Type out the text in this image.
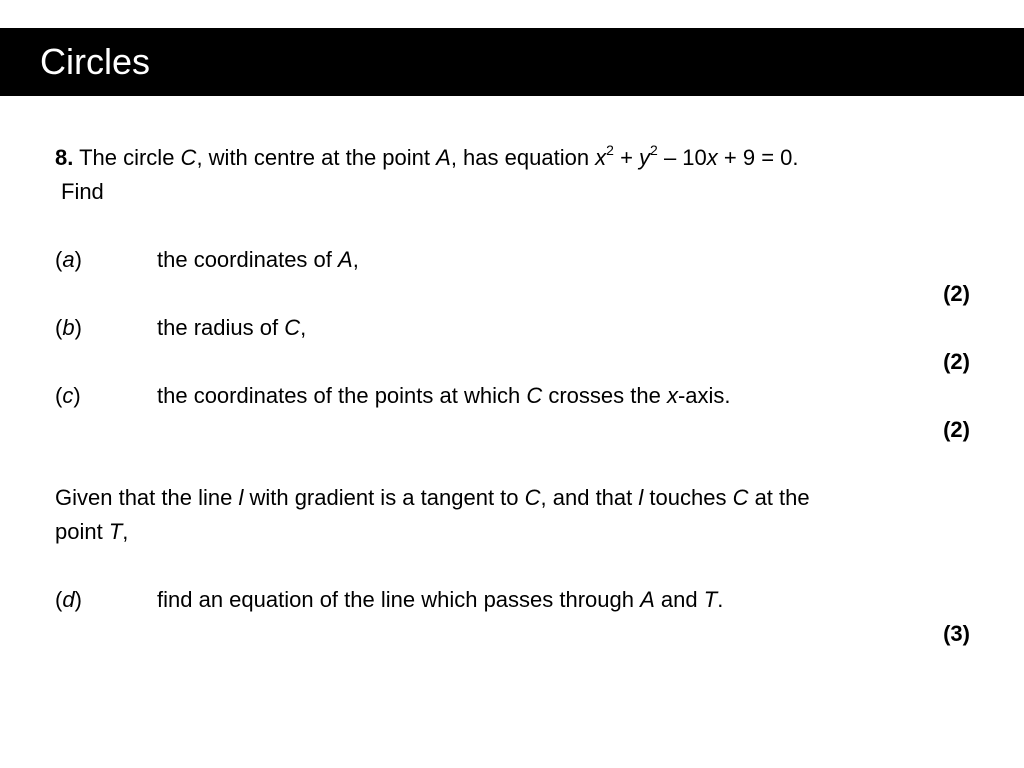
Circles
8. The circle C, with centre at the point A, has equation $x^2 + y^2 - 10x + 9 = 0$.
Find
(a)	the coordinates of A,
(2)
(b)	the radius of C,
(2)
(c)	the coordinates of the points at which C crosses the x-axis.
(2)
Given that the line l with gradient is a tangent to C, and that l touches C at the
point T,
(d)	find an equation of the line which passes through A and T.
(3)
